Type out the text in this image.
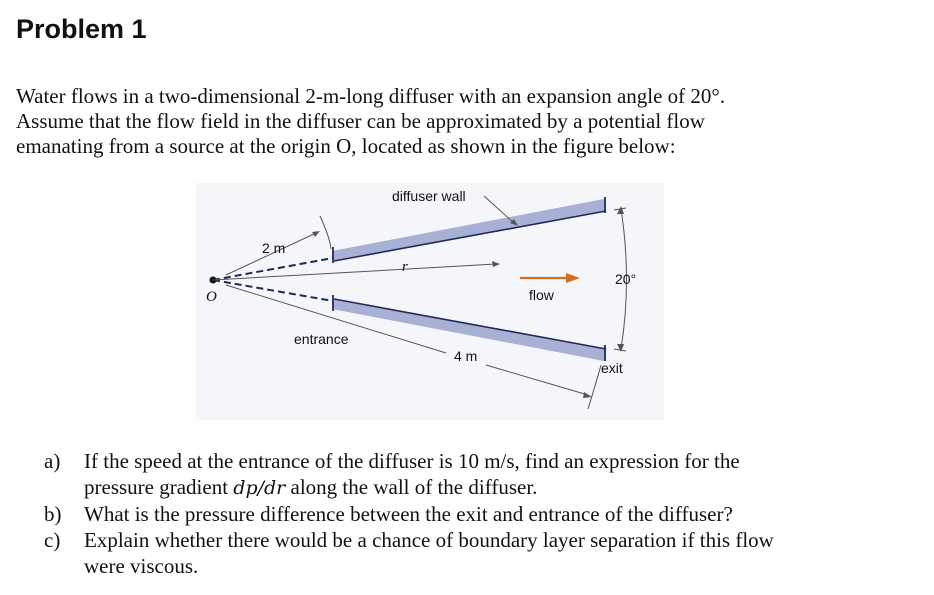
Problem 1

Water flows in a two-dimensional 2-m-long diffuser with an expansion angle of 20°.

Assume that the flow field in the diffuser can be approximated by a potential flow

emanating from a source at the origin O, located as shown in the figure below:

O
r
2 m
diffuser wall
flow
20°
entrance
4 m
exit
a)	If the speed at the entrance of the diffuser is 10 m/s, find an expression for the
pressure gradient dp/dr along the wall of the diffuser.
b)	What is the pressure difference between the exit and entrance of the diffuser?
c)	Explain whether there would be a chance of boundary layer separation if this flow
were viscous.
